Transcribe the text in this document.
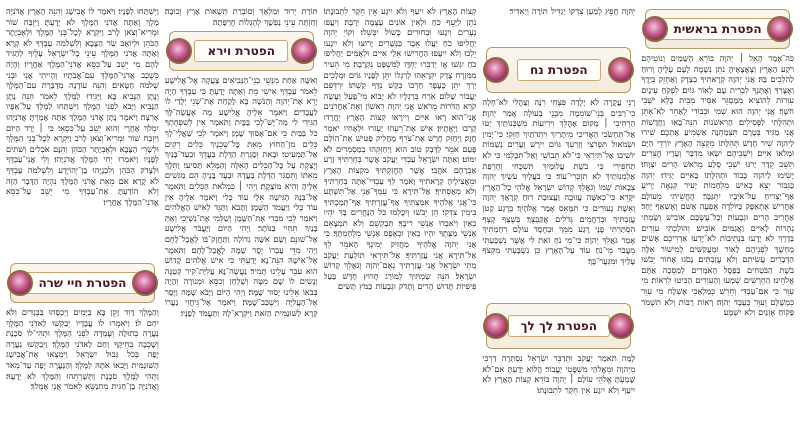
הפטרת בראשית

כֹּה־אָמַר הָאֵל ׀ יְהוָה בּוֹרֵא הַשָּׁמַיִם וְנוֹטֵיהֶם רֹקַע הָאָרֶץ וְצֶאֱצָאֶיהָ נֹתֵן נְשָׁמָה לָעָם עָלֶיהָ וְרוּחַ לַהֹלְכִים בָּהּ׃ אֲנִי יְהוָה קְרָאתִיךָ בְצֶדֶק וְאַחְזֵק בְּיָדֶךָ וְאֶצָּרְךָ וְאֶתֶּנְךָ לִבְרִית עָם לְאוֹר גּוֹיִם׃ לִפְקֹחַ עֵינַיִם עִוְרוֹת לְהוֹצִיא מִמַּסְגֵּר אַסִּיר מִבֵּית כֶּלֶא יֹשְׁבֵי חֹשֶׁךְ׃ אֲנִי יְהוָה הוּא שְׁמִי וּכְבוֹדִי לְאַחֵר לֹא־אֶתֵּן וּתְהִלָּתִי לַפְּסִילִים׃ הָרִאשֹׁנוֹת הִנֵּה־בָאוּ וַחֲדָשׁוֹת אֲנִי מַגִּיד בְּטֶרֶם תִּצְמַחְנָה אַשְׁמִיעַ אֶתְכֶם׃ שִׁירוּ לַיהוָה שִׁיר חָדָשׁ תְּהִלָּתוֹ מִקְצֵה הָאָרֶץ יוֹרְדֵי הַיָּם וּמְלֹאוֹ אִיִּים וְיֹשְׁבֵיהֶם׃ יִשְׂאוּ מִדְבָּר וְעָרָיו חֲצֵרִים תֵּשֵׁב קֵדָר יָרֹנּוּ יֹשְׁבֵי סֶלַע מֵרֹאשׁ הָרִים יִצְוָחוּ׃ יָשִׂימוּ לַיהוָה כָּבוֹד וּתְהִלָּתוֹ בָּאִיִּים יַגִּידוּ׃ יְהוָה כַּגִּבּוֹר יֵצֵא כְּאִישׁ מִלְחָמוֹת יָעִיר קִנְאָה יָרִיעַ אַף־יַצְרִיחַ עַל־אֹיְבָיו יִתְגַּבָּר׃ הֶחֱשֵׁיתִי מֵעוֹלָם אַחֲרִישׁ אֶתְאַפָּק כַּיּוֹלֵדָה אֶפְעֶה אֶשֹּׁם וְאֶשְׁאַף יָחַד׃ אַחֲרִיב הָרִים וּגְבָעוֹת וְכָל־עֶשְׂבָּם אוֹבִישׁ וְשַׂמְתִּי נְהָרוֹת לָאִיִּים וַאֲגַמִּים אוֹבִישׁ׃ וְהוֹלַכְתִּי עִוְרִים בְּדֶרֶךְ לֹא יָדָעוּ בִּנְתִיבוֹת לֹא־יָדְעוּ אַדְרִיכֵם אָשִׂים מַחְשָׁךְ לִפְנֵיהֶם לָאוֹר וּמַעֲקַשִּׁים לְמִישׁוֹר אֵלֶּה הַדְּבָרִים עֲשִׂיתִם וְלֹא עֲזַבְתִּים׃ נָסֹגוּ אָחוֹר יֵבֹשׁוּ בֹשֶׁת הַבֹּטְחִים בַּפָּסֶל הָאֹמְרִים לְמַסֵּכָה אַתֶּם אֱלֹהֵינוּ׃ הַחֵרְשִׁים שְׁמָעוּ וְהַעִוְרִים הַבִּיטוּ לִרְאוֹת׃ מִי עִוֵּר כִּי אִם־עַבְדִּי וְחֵרֵשׁ כְּמַלְאָכִי אֶשְׁלָח מִי עִוֵּר כִּמְשֻׁלָּם וְעִוֵּר כְּעֶבֶד יְהוָה׃ רָאוֹת רַבּוֹת וְלֹא תִשְׁמֹר פָּקוֹחַ אָזְנַיִם וְלֹא יִשְׁמָע׃

יְהוָה חָפֵץ לְמַעַן צִדְקוֹ יַגְדִּיל תּוֹרָה וְיַאְדִּיר׃

הפטרת נח

רָנִּי עֲקָרָה לֹא יָלָדָה פִּצְחִי רִנָּה וְצַהֲלִי לֹא־חָלָה כִּי־רַבִּים בְּנֵי־שׁוֹמֵמָה מִבְּנֵי בְעוּלָה אָמַר יְהוָה׃ הַרְחִיבִי ׀ מְקוֹם אָהֳלֵךְ וִירִיעוֹת מִשְׁכְּנוֹתַיִךְ יַטּוּ אַל־תַּחְשֹׂכִי הַאֲרִיכִי מֵיתָרַיִךְ וִיתֵדֹתַיִךְ חַזֵּקִי׃ כִּי־יָמִין וּשְׂמֹאול תִּפְרֹצִי וְזַרְעֵךְ גּוֹיִם יִירָשׁ וְעָרִים נְשַׁמּוֹת יוֹשִׁיבוּ׃ אַל־תִּירְאִי כִּי־לֹא תֵבוֹשִׁי וְאַל־תִּכָּלְמִי כִּי לֹא תַחְפִּירִי כִּי בֹשֶׁת עֲלוּמַיִךְ תִּשְׁכָּחִי וְחֶרְפַּת אַלְמְנוּתַיִךְ לֹא תִזְכְּרִי־עוֹד׃ כִּי בֹעֲלַיִךְ עֹשַׂיִךְ יְהוָה צְבָאוֹת שְׁמוֹ וְגֹאֲלֵךְ קְדוֹשׁ יִשְׂרָאֵל אֱלֹהֵי כָל־הָאָרֶץ יִקָּרֵא׃ כִּי־כְאִשָּׁה עֲזוּבָה וַעֲצוּבַת רוּחַ קְרָאָךְ יְהוָה וְאֵשֶׁת נְעוּרִים כִּי תִמָּאֵס אָמַר אֱלֹהָיִךְ׃ בְּרֶגַע קָטֹן עֲזַבְתִּיךְ וּבְרַחֲמִים גְּדֹלִים אֲקַבְּצֵךְ׃ בְּשֶׁצֶף קֶצֶף הִסְתַּרְתִּי פָנַי רֶגַע מִמֵּךְ וּבְחֶסֶד עוֹלָם רִחַמְתִּיךְ אָמַר גֹּאֲלֵךְ יְהוָה׃ כִּי־מֵי נֹחַ זֹאת לִי אֲשֶׁר נִשְׁבַּעְתִּי מֵעֲבֹר מֵי־נֹחַ עוֹד עַל־הָאָרֶץ כֵּן נִשְׁבַּעְתִּי מִקְּצֹף עָלַיִךְ וּמִגְּעָר־בָּךְ׃

הפטרת לך לך

לָמָּה תֹאמַר יַעֲקֹב וּתְדַבֵּר יִשְׂרָאֵל נִסְתְּרָה דַרְכִּי מֵיְהוָה וּמֵאֱלֹהַי מִשְׁפָּטִי יַעֲבוֹר׃ הֲלוֹא יָדַעְתָּ אִם־לֹא שָׁמַעְתָּ אֱלֹהֵי עוֹלָם ׀ יְהוָה בּוֹרֵא קְצוֹת הָאָרֶץ לֹא יִיעַף וְלֹא יִיגָע אֵין חֵקֶר לִתְבוּנָתוֹ׃

קְצוֹת הָאָרֶץ לֹא יִיעַף וְלֹא יִיגָע אֵין חֵקֶר לִתְבוּנָתוֹ׃ נֹתֵן לַיָּעֵף כֹּחַ וּלְאֵין אוֹנִים עָצְמָה יַרְבֶּה׃ וְיִעֲפוּ נְעָרִים וְיִגָעוּ וּבַחוּרִים כָּשׁוֹל יִכָּשֵׁלוּ׃ וְקוֹיֵ יְהוָה יַחֲלִיפוּ כֹחַ יַעֲלוּ אֵבֶר כַּנְּשָׁרִים יָרוּצוּ וְלֹא יִיגָעוּ יֵלְכוּ וְלֹא יִיעָפוּ׃ הַחֲרִישׁוּ אֵלַי אִיִּים וּלְאֻמִּים יַחֲלִיפוּ כֹחַ יִגְּשׁוּ אָז יְדַבֵּרוּ יַחְדָּו לַמִּשְׁפָּט נִקְרָבָה׃ מִי הֵעִיר מִמִּזְרָח צֶדֶק יִקְרָאֵהוּ לְרַגְלוֹ יִתֵּן לְפָנָיו גּוֹיִם וּמְלָכִים יַרְדְּ יִתֵּן כֶּעָפָר חַרְבּוֹ כְּקַשׁ נִדָּף קַשְׁתּוֹ׃ יִרְדְּפֵם יַעֲבוֹר שָׁלוֹם אֹרַח בְּרַגְלָיו לֹא יָבוֹא׃ מִי־פָעַל וְעָשָׂה קֹרֵא הַדֹּרוֹת מֵרֹאשׁ אֲנִי יְהוָה רִאשׁוֹן וְאֶת־אַחֲרֹנִים אֲנִי־הוּא׃ רָאוּ אִיִּים וְיִירָאוּ קְצוֹת הָאָרֶץ יֶחֱרָדוּ קָרְבוּ וַיֶּאֱתָיוּן׃ אִישׁ אֶת־רֵעֵהוּ יַעְזֹרוּ וּלְאָחִיו יֹאמַר חֲזָק׃ וַיְחַזֵּק חָרָשׁ אֶת־צֹרֵף מַחֲלִיק פַּטִּישׁ אֶת־הוֹלֶם פָּעַם אֹמֵר לַדֶּבֶק טוֹב הוּא וַיְחַזְּקֵהוּ בְמַסְמְרִים לֹא יִמּוֹט׃ וְאַתָּה יִשְׂרָאֵל עַבְדִּי יַעֲקֹב אֲשֶׁר בְּחַרְתִּיךָ זֶרַע אַבְרָהָם אֹהֲבִי׃ אֲשֶׁר הֶחֱזַקְתִּיךָ מִקְצוֹת הָאָרֶץ וּמֵאֲצִילֶיהָ קְרָאתִיךָ וָאֹמַר לְךָ עַבְדִּי־אַתָּה בְּחַרְתִּיךָ וְלֹא מְאַסְתִּיךָ׃ אַל־תִּירָא כִּי עִמְּךָ־אָנִי אַל־תִּשְׁתָּע כִּי־אֲנִי אֱלֹהֶיךָ אִמַּצְתִּיךָ אַף־עֲזַרְתִּיךָ אַף־תְּמַכְתִּיךָ בִּימִין צִדְקִי׃ הֵן יֵבֹשׁוּ וְיִכָּלְמוּ כֹּל הַנֶּחֱרִים בָּךְ יִהְיוּ כְאַיִן וְיֹאבְדוּ אַנְשֵׁי רִיבֶךָ׃ תְּבַקְשֵׁם וְלֹא תִמְצָאֵם אַנְשֵׁי מַצֻּתֶךָ יִהְיוּ כְאַיִן וּכְאֶפֶס אַנְשֵׁי מִלְחַמְתֶּךָ׃ כִּי אֲנִי יְהוָה אֱלֹהֶיךָ מַחֲזִיק יְמִינֶךָ הָאֹמֵר לְךָ אַל־תִּירָא אֲנִי עֲזַרְתִּיךָ׃ אַל־תִּירְאִי תּוֹלַעַת יַעֲקֹב מְתֵי יִשְׂרָאֵל אֲנִי עֲזַרְתִּיךְ נְאֻם־יְהוָה וְגֹאֲלֵךְ קְדוֹשׁ יִשְׂרָאֵל׃ הִנֵּה שַׂמְתִּיךְ לְמוֹרַג חָרוּץ חָדָשׁ בַּעַל פִּיפִיּוֹת תָּדוּשׁ הָרִים וְתָדֹק וּגְבָעוֹת כַּמֹּץ תָּשִׂים׃

תּוֹרַת יְרוּד וּמַלְאָךְ וְסוֹבְרַת תְּשֻׁאוֹת אָרֶץ וְכוּבָה׃ וְחַזְתָּה עֵינֵי נַפְשָׁךְ לְהַגְלוֹת חֶרְפָּתָה׃

הפטרת וירא

וְאִשָּׁה אַחַת מִנְּשֵׁי בְנֵי־הַנְּבִיאִים צָעֲקָה אֶל־אֱלִישָׁע לֵאמֹר עַבְדְּךָ אִישִׁי מֵת וְאַתָּה יָדַעְתָּ כִּי עַבְדְּךָ הָיָה יָרֵא אֶת־יְהוָה וְהַנֹּשֶׁה בָּא לָקַחַת אֶת־שְׁנֵי יְלָדַי לוֹ לַעֲבָדִים׃ וַיֹּאמֶר אֵלֶיהָ אֱלִישָׁע מָה אֶעֱשֶׂה־לָּךְ הַגִּידִי לִי מַה־יֶּשׁ־לָכִי בַּבָּיִת וַתֹּאמֶר אֵין לְשִׁפְחָתְךָ כֹל בַּבַּיִת כִּי אִם־אָסוּךְ שָׁמֶן׃ וַיֹּאמֶר לְכִי שַׁאֲלִי־לָךְ כֵּלִים מִן־הַחוּץ מֵאֵת כָּל־שְׁכֵנָיִךְ כֵּלִים רֵקִים אַל־תַּמְעִיטִי׃ וּבָאת וְסָגַרְתְּ הַדֶּלֶת בַּעֲדֵךְ וּבְעַד־בָּנַיִךְ וְיָצַקְתְּ עַל כָּל־הַכֵּלִים הָאֵלֶּה וְהַמָּלֵא תַּסִּיעִי׃ וַתֵּלֶךְ מֵאִתּוֹ וַתִּסְגֹּר הַדֶּלֶת בַּעֲדָהּ וּבְעַד בָּנֶיהָ הֵם מַגִּשִׁים אֵלֶיהָ וְהִיא מוֹצָקֶת׃ וַיְהִי ׀ כִּמְלֹאת הַכֵּלִים וַתֹּאמֶר אֶל־בְּנָהּ הַגִּישָׁה אֵלַי עוֹד כֶּלִי וַיֹּאמֶר אֵלֶיהָ אֵין עוֹד כֶּלִי וַיַּעֲמֹד הַשָּׁמֶן׃ וַתָּבֹא וַתַּגֵּד לְאִישׁ הָאֱלֹהִים וַיֹּאמֶר לְכִי מִכְרִי אֶת־הַשֶּׁמֶן וְשַׁלְּמִי אֶת־נִשְׁיֵכִי וְאַתְּ בָּנַיִךְ תִּחְיִי בַּנּוֹתָר׃ וַיְהִי הַיּוֹם וַיַּעֲבֹר אֱלִישָׁע אֶל־שׁוּנֵם וְשָׁם אִשָּׁה גְדוֹלָה וַתַּחֲזֶק־בּוֹ לֶאֱכָל־לָחֶם וַיְהִי מִדֵּי עָבְרוֹ יָסֻר שָׁמָּה לֶאֱכָל־לָחֶם׃ וַתֹּאמֶר אֶל־אִישָׁהּ הִנֵּה־נָא יָדַעְתִּי כִּי אִישׁ אֱלֹהִים קָדוֹשׁ הוּא עֹבֵר עָלֵינוּ תָּמִיד׃ נַעֲשֶׂה־נָּא עֲלִיַּת־קִיר קְטַנָּה וְנָשִׂים לוֹ שָׁם מִטָּה וְשֻׁלְחָן וְכִסֵּא וּמְנוֹרָה וְהָיָה בְּבֹאוֹ אֵלֵינוּ יָסוּר שָׁמָּה׃ וַיְהִי הַיּוֹם וַיָּבֹא שָׁמָּה וַיָּסַר אֶל־הָעֲלִיָּה וַיִּשְׁכַּב־שָׁמָּה׃ וַיֹּאמֶר אֶל־גֵּיחֲזִי נַעֲרוֹ קְרָא לַשּׁוּנַמִּית הַזֹּאת וַיִּקְרָא־לָהּ וַתַּעֲמֹד לְפָנָיו׃

וַיִּשְׁתַּחוּ לְפָנָיו׃ וַיֹּאמֶר לוֹ אֲבִישָׁג וְהִנֵּה הָאָרֶץ אֲדֹנִיָּה מֶלֶךְ וְאַתָּה אֲדֹנִי הַמֶּלֶךְ לֹא יָדָעְתָּ׃ וַיִּזְבַּח שׁוֹר וּמְרִיא־וְצֹאן לָרֹב וַיִּקְרָא לְכָל־בְּנֵי הַמֶּלֶךְ וּלְאֶבְיָתָר הַכֹּהֵן וּלְיוֹאָב שַׂר הַצָּבָא וְלִשְׁלֹמֹה עַבְדְּךָ לֹא קָרָא׃ וְאַתָּה אֲדֹנִי הַמֶּלֶךְ עֵינֵי כָל־יִשְׂרָאֵל עָלֶיךָ לְהַגִּיד לָהֶם מִי יֵשֵׁב עַל־כִּסֵּא אֲדֹנִי־הַמֶּלֶךְ אַחֲרָיו׃ וְהָיָה כִּשְׁכַב אֲדֹנִי־הַמֶּלֶךְ עִם־אֲבֹתָיו וְהָיִיתִי אֲנִי וּבְנִי שְׁלֹמֹה חַטָּאִים׃ וְהִנֵּה עוֹדֶנָּה מְדַבֶּרֶת עִם־הַמֶּלֶךְ וְנָתָן הַנָּבִיא בָּא׃ וַיַּגִּידוּ לַמֶּלֶךְ לֵאמֹר הִנֵּה נָתָן הַנָּבִיא וַיָּבֹא לִפְנֵי הַמֶּלֶךְ וַיִּשְׁתַּחוּ לַמֶּלֶךְ עַל־אַפָּיו אָרְצָה׃ וַיֹּאמֶר נָתָן אֲדֹנִי הַמֶּלֶךְ אַתָּה אָמַרְתָּ אֲדֹנִיָּהוּ יִמְלֹךְ אַחֲרָי וְהוּא יֵשֵׁב עַל־כִּסְאִי׃ כִּי ׀ יָרַד הַיּוֹם וַיִּזְבַּח שׁוֹר וּמְרִיא־וְצֹאן לָרֹב וַיִּקְרָא לְכָל־בְּנֵי הַמֶּלֶךְ וּלְשָׂרֵי הַצָּבָא וּלְאֶבְיָתָר הַכֹּהֵן וְהִנָּם אֹכְלִים וְשֹׁתִים לְפָנָיו וַיֹּאמְרוּ יְחִי הַמֶּלֶךְ אֲדֹנִיָּהוּ׃ וְלִי אֲנִי־עַבְדֶּךָ וּלְצָדֹק הַכֹּהֵן וְלִבְנָיָהוּ בֶן־יְהוֹיָדָע וְלִשְׁלֹמֹה עַבְדְּךָ לֹא קָרָא׃ אִם מֵאֵת אֲדֹנִי הַמֶּלֶךְ נִהְיָה הַדָּבָר הַזֶּה וְלֹא הוֹדַעְתָּ אֶת־עַבְדְּךָ מִי יֵשֵׁב עַל־כִּסֵּא אֲדֹנִי־הַמֶּלֶךְ אַחֲרָיו׃

הפטרת חיי שרה

וְהַמֶּלֶךְ דָּוִד זָקֵן בָּא בַּיָּמִים וַיְכַסֻּהוּ בַּבְּגָדִים וְלֹא יִחַם לוֹ׃ וַיֹּאמְרוּ לוֹ עֲבָדָיו יְבַקְשׁוּ לַאדֹנִי הַמֶּלֶךְ נַעֲרָה בְתוּלָה וְעָמְדָה לִפְנֵי הַמֶּלֶךְ וּתְהִי־לוֹ סֹכֶנֶת וְשָׁכְבָה בְחֵיקֶךָ וְחַם לַאדֹנִי הַמֶּלֶךְ׃ וַיְבַקְשׁוּ נַעֲרָה יָפָה בְּכֹל גְּבוּל יִשְׂרָאֵל וַיִּמְצְאוּ אֶת־אֲבִישַׁג הַשּׁוּנַמִּית וַיָּבִאוּ אֹתָהּ לַמֶּלֶךְ׃ וְהַנַּעֲרָה יָפָה עַד־מְאֹד וַתְּהִי לַמֶּלֶךְ סֹכֶנֶת וַתְּשָׁרְתֵהוּ וְהַמֶּלֶךְ לֹא יְדָעָהּ׃ וַאֲדֹנִיָּה בֶן־חַגִּית מִתְנַשֵּׂא לֵאמֹר אֲנִי אֶמְלֹךְ׃
